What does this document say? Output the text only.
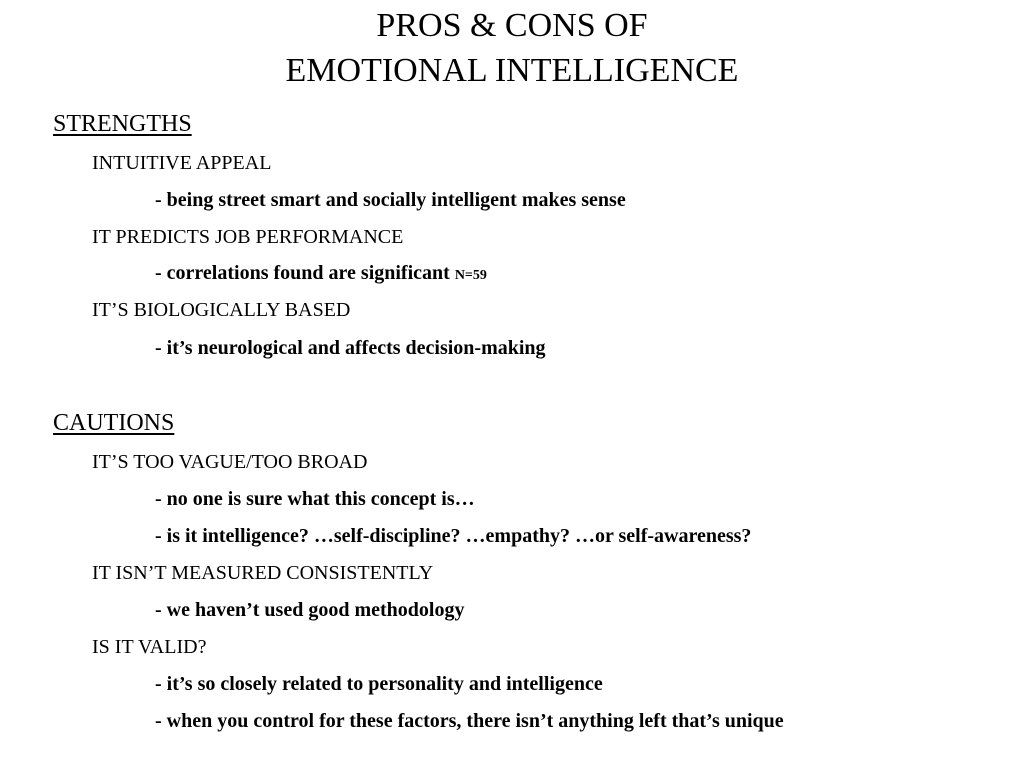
PROS & CONS OF
EMOTIONAL INTELLIGENCE
STRENGTHS
INTUITIVE APPEAL
- being street smart and socially intelligent makes sense
IT PREDICTS JOB PERFORMANCE
- correlations found are significant N=59
IT’S BIOLOGICALLY BASED
- it’s neurological and affects decision-making
CAUTIONS
IT’S TOO VAGUE/TOO BROAD
- no one is sure what this concept is…
- is it intelligence? …self-discipline? …empathy? …or self-awareness?
IT ISN’T MEASURED CONSISTENTLY
- we haven’t used good methodology
IS IT VALID?
- it’s so closely related to personality and intelligence
- when you control for these factors, there isn’t anything left that’s unique
